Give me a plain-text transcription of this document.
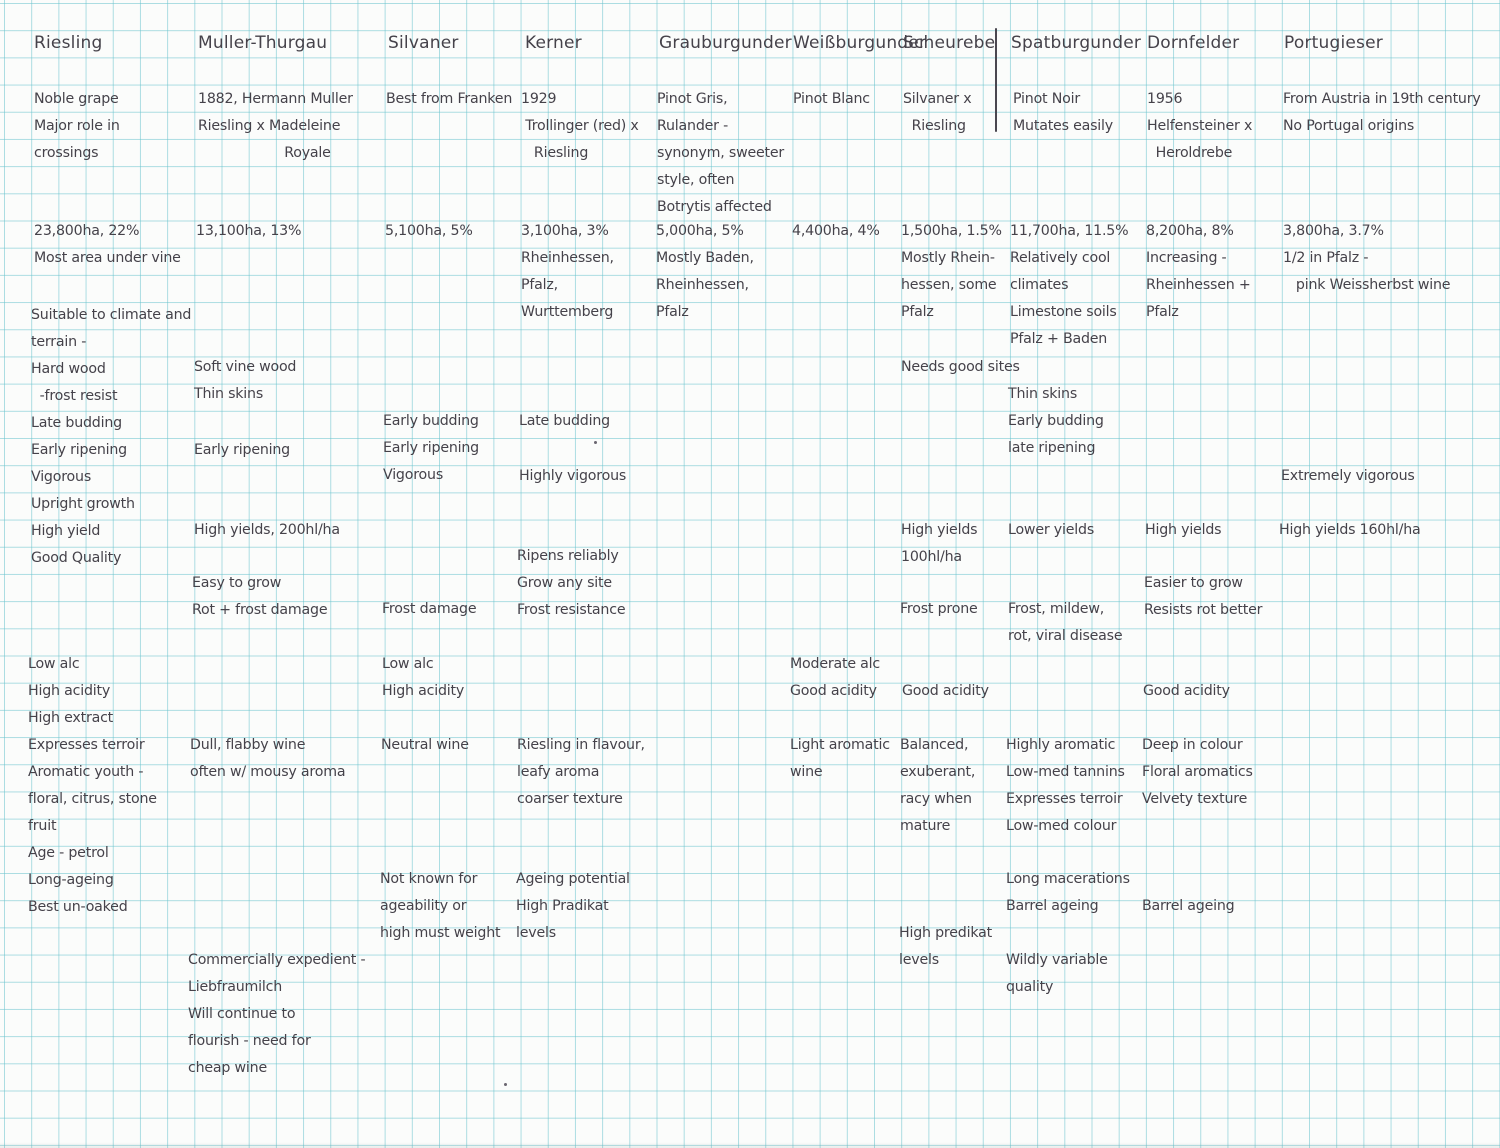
Riesling

Noble grape
Major role in
crossings

23,800ha, 22%
Most area under vine

Suitable to climate and
terrain -
Hard wood
-frost resist
Late budding
Early ripening
Vigorous
Upright growth
High yield
Good Quality

Low alc
High acidity
High extract
Expresses terroir
Aromatic youth -
floral, citrus, stone
fruit
Age - petrol
Long-ageing
Best un-oaked

Muller-Thurgau

1882, Hermann Muller
Riesling x Madeleine
Royale

13,100ha, 13%

Soft vine wood
Thin skins

Early ripening

High yields, 200hl/ha

Easy to grow
Rot + frost damage

Dull, flabby wine
often w/ mousy aroma

Commercially expedient -
Liebfraumilch
Will continue to
flourish - need for
cheap wine

Silvaner

Best from Franken

5,100ha, 5%

Early budding
Early ripening
Vigorous

Frost damage

Low alc
High acidity

Neutral wine

Not known for
ageability or
high must weight

Kerner

1929
Trollinger (red) x
Riesling

3,100ha, 3%
Rheinhessen,
Pfalz,
Wurttemberg

Late budding

Highly vigorous

Ripens reliably
Grow any site
Frost resistance

Riesling in flavour,
leafy aroma
coarser texture

Ageing potential
High Pradikat
levels

Grauburgunder

Pinot Gris,
Rulander -
synonym, sweeter
style, often
Botrytis affected

5,000ha, 5%
Mostly Baden,
Rheinhessen,
Pfalz

Weißburgunder

Pinot Blanc

4,400ha, 4%

Moderate alc
Good acidity

Light aromatic
wine

Scheurebe

Silvaner x
Riesling

1,500ha, 1.5%
Mostly Rhein-
hessen, some
Pfalz

Needs good sites

High yields
100hl/ha

Frost prone

Good acidity

Balanced,
exuberant,
racy when
mature

High predikat
levels

Spatburgunder

Pinot Noir
Mutates easily

11,700ha, 11.5%
Relatively cool
climates
Limestone soils
Pfalz + Baden

Thin skins
Early budding
late ripening

Lower yields

Frost, mildew,
rot, viral disease

Highly aromatic
Low-med tannins
Expresses terroir
Low-med colour

Long macerations
Barrel ageing

Wildly variable
quality

Dornfelder

1956
Helfensteiner x
Heroldrebe

8,200ha, 8%
Increasing -
Rheinhessen +
Pfalz

High yields

Easier to grow
Resists rot better

Good acidity

Deep in colour
Floral aromatics
Velvety texture

Barrel ageing

Portugieser

From Austria in 19th century
No Portugal origins

3,800ha, 3.7%
1/2 in Pfalz -
pink Weissherbst wine

Extremely vigorous

High yields 160hl/ha
